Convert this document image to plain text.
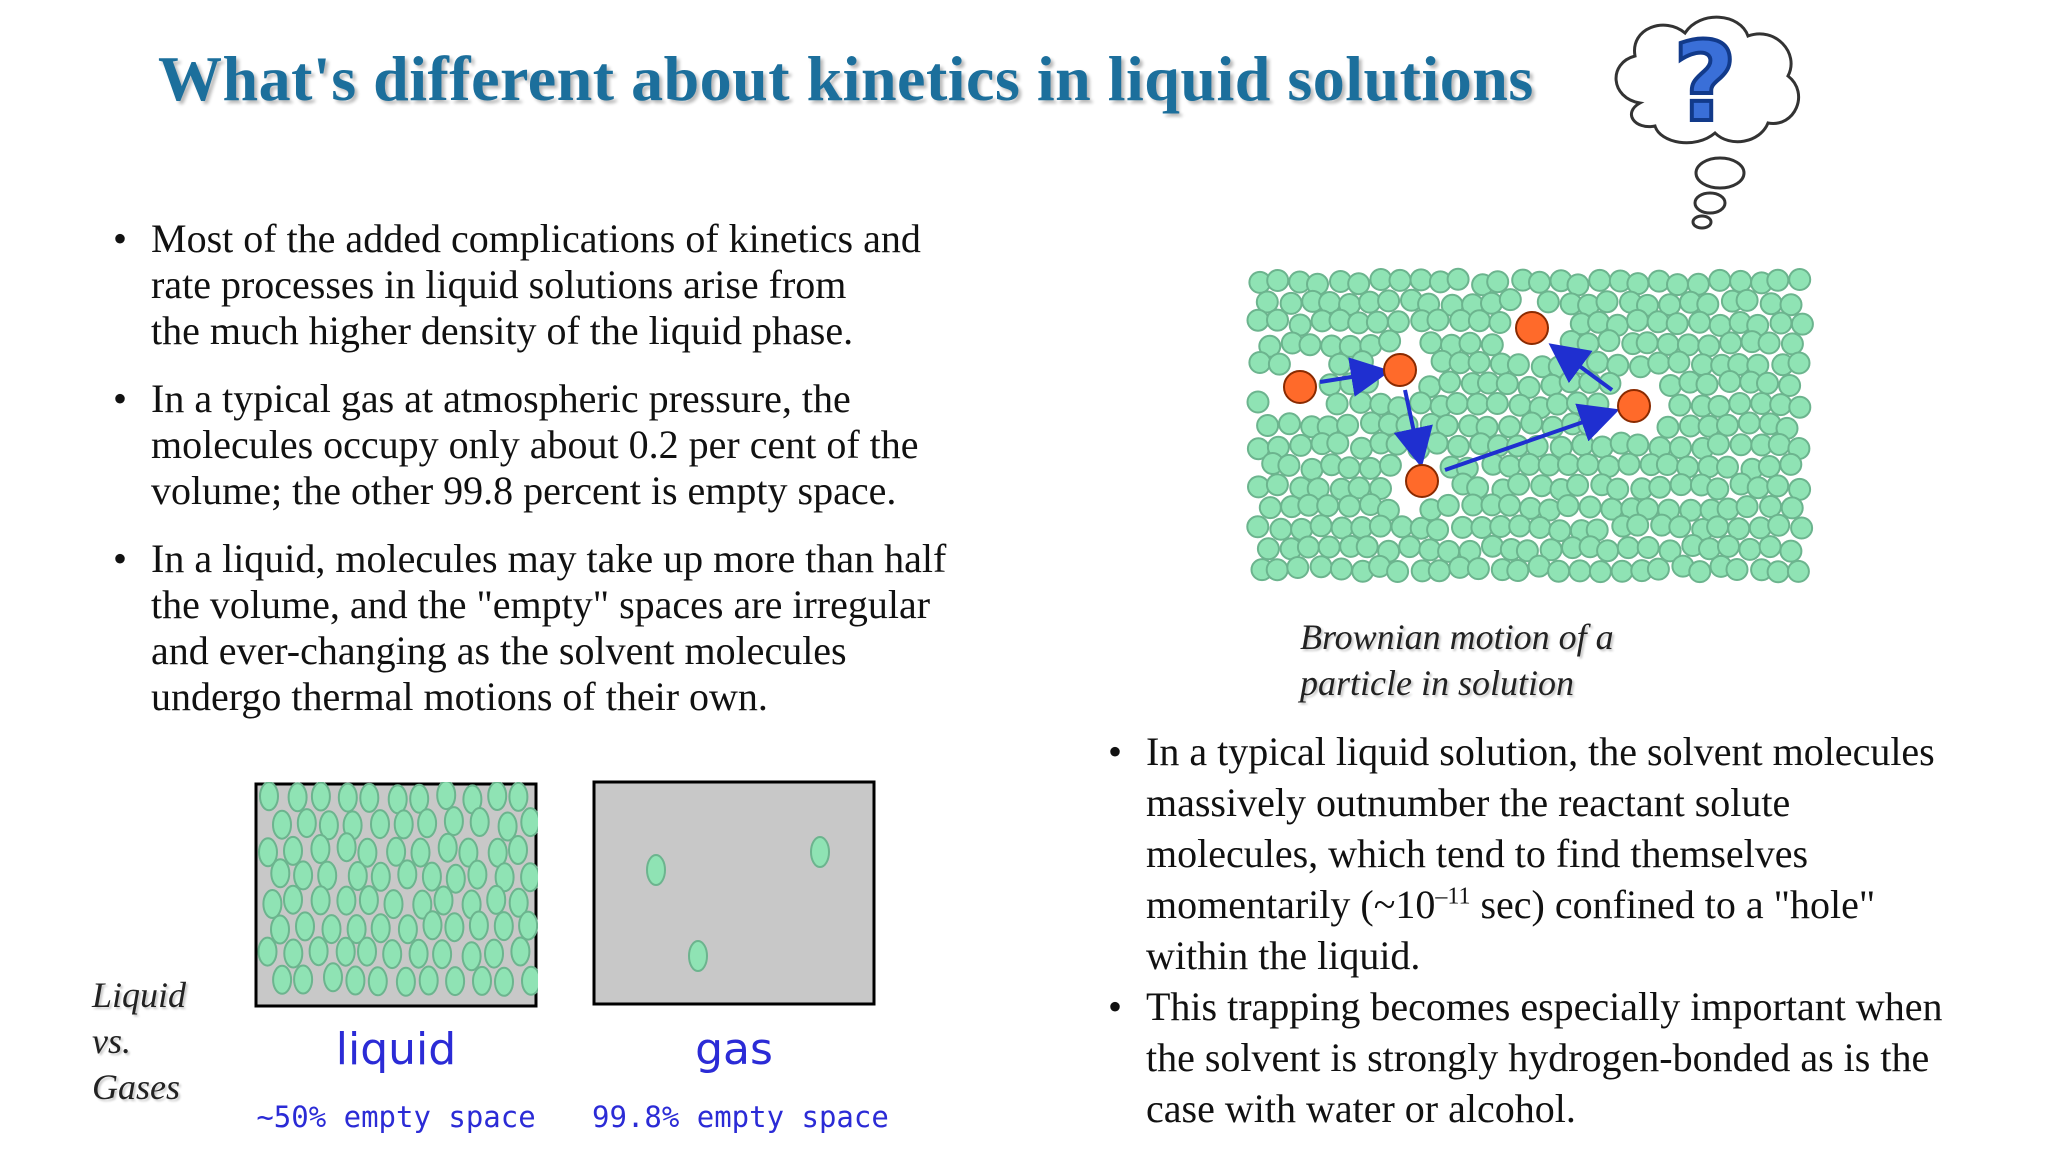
What's different about kinetics in liquid solutions ?
• Most of the added complications of kinetics and
rate processes in liquid solutions arise from
the much higher density of the liquid phase.
• In a typical gas at atmospheric pressure, the
molecules occupy only about 0.2 per cent of the
volume; the other 99.8 percent is empty space.
• In a liquid, molecules may take up more than half
the volume, and the "empty" spaces are irregular
and ever-changing as the solvent molecules
undergo thermal motions of their own.
Brownian motion of a
particle in solution
• In a typical liquid solution, the solvent molecules
massively outnumber the reactant solute
molecules, which tend to find themselves
momentarily ($\sim 10^{-11}$ sec) confined to a "hole"
within the liquid.
• This trapping becomes especially important when
the solvent is strongly hydrogen-bonded as is the
case with water or alcohol.
Liquid
vs.
Gases
liquid
~50% empty space
gas
99.8% empty space
